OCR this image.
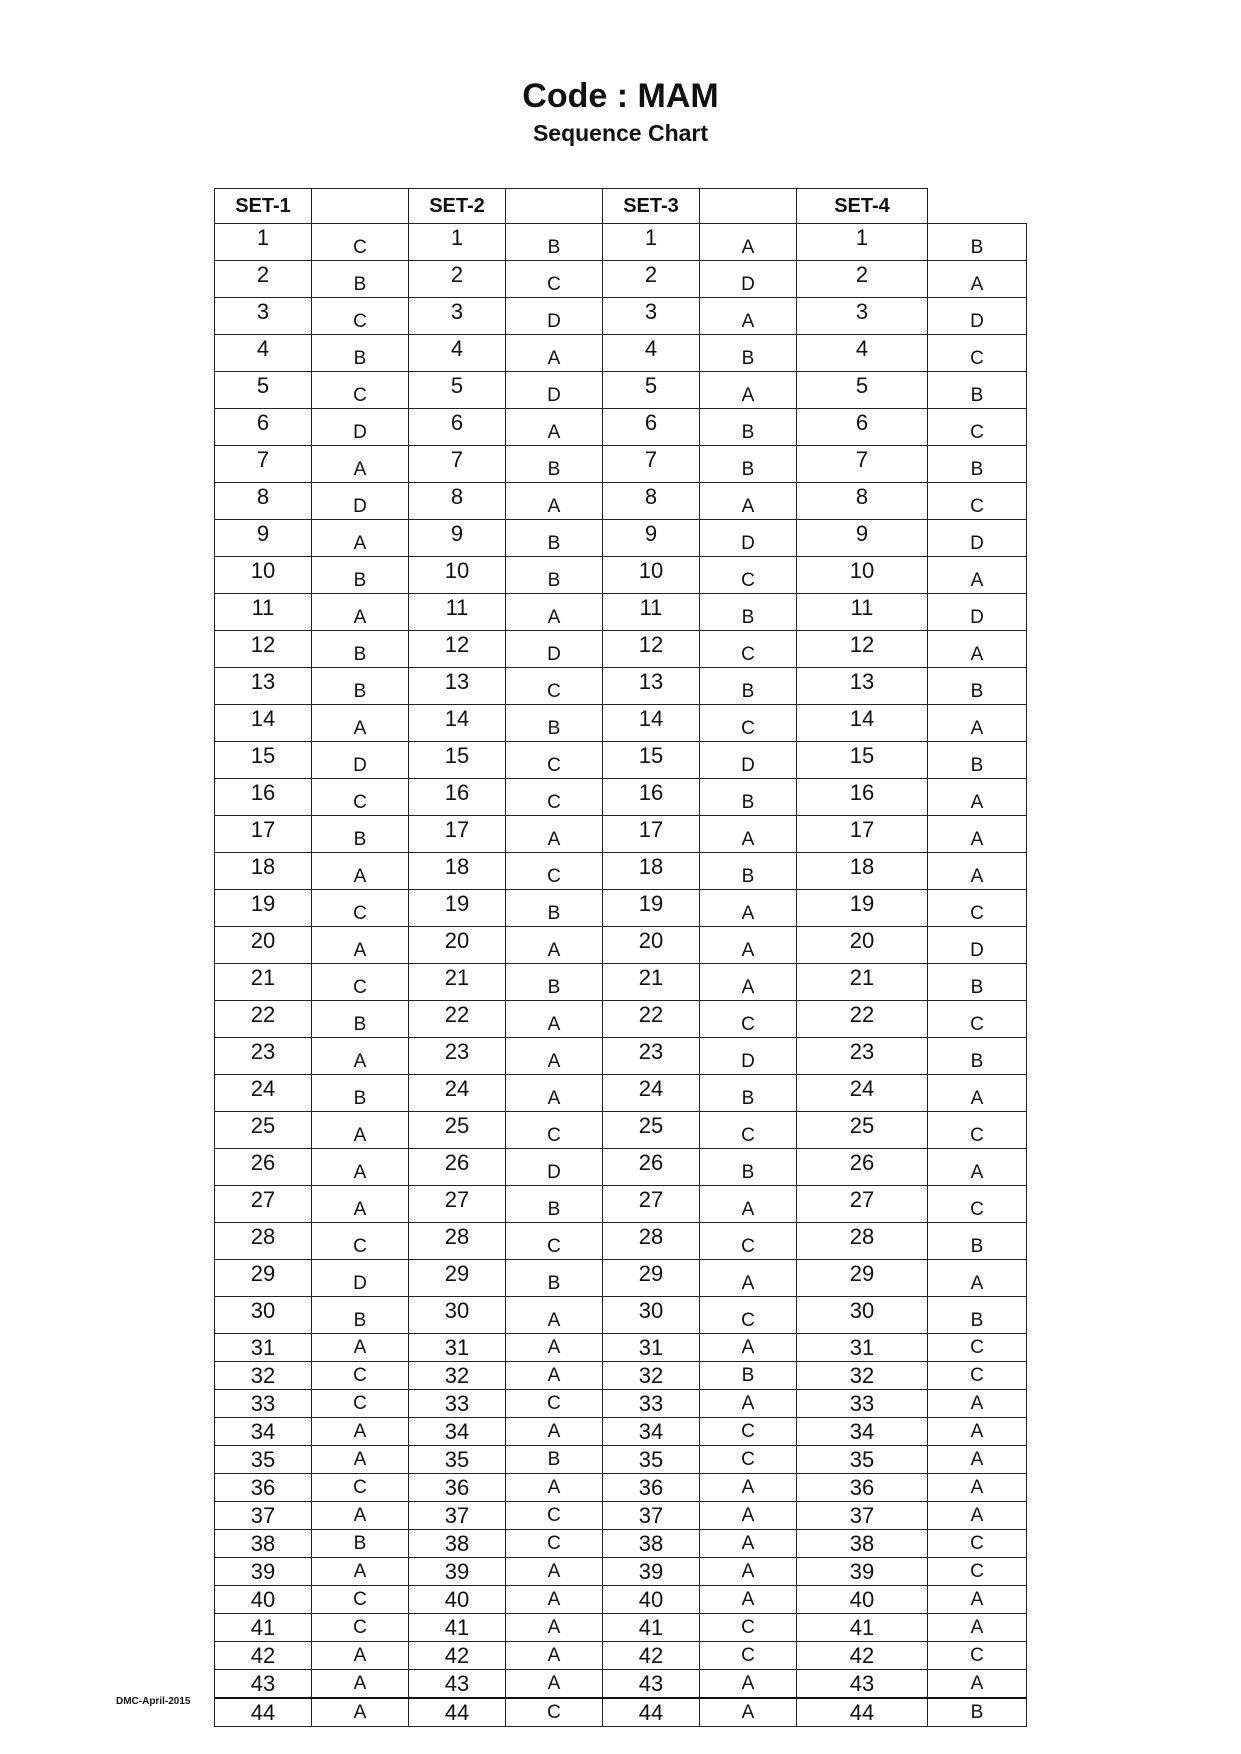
Code : MAM
Sequence Chart
SET-1		SET-2		SET-3		SET-4	
1	C	1	B	1	A	1	B
2	B	2	C	2	D	2	A
3	C	3	D	3	A	3	D
4	B	4	A	4	B	4	C
5	C	5	D	5	A	5	B
6	D	6	A	6	B	6	C
7	A	7	B	7	B	7	B
8	D	8	A	8	A	8	C
9	A	9	B	9	D	9	D
10	B	10	B	10	C	10	A
11	A	11	A	11	B	11	D
12	B	12	D	12	C	12	A
13	B	13	C	13	B	13	B
14	A	14	B	14	C	14	A
15	D	15	C	15	D	15	B
16	C	16	C	16	B	16	A
17	B	17	A	17	A	17	A
18	A	18	C	18	B	18	A
19	C	19	B	19	A	19	C
20	A	20	A	20	A	20	D
21	C	21	B	21	A	21	B
22	B	22	A	22	C	22	C
23	A	23	A	23	D	23	B
24	B	24	A	24	B	24	A
25	A	25	C	25	C	25	C
26	A	26	D	26	B	26	A
27	A	27	B	27	A	27	C
28	C	28	C	28	C	28	B
29	D	29	B	29	A	29	A
30	B	30	A	30	C	30	B
31	A	31	A	31	A	31	C
32	C	32	A	32	B	32	C
33	C	33	C	33	A	33	A
34	A	34	A	34	C	34	A
35	A	35	B	35	C	35	A
36	C	36	A	36	A	36	A
37	A	37	C	37	A	37	A
38	B	38	C	38	A	38	C
39	A	39	A	39	A	39	C
40	C	40	A	40	A	40	A
41	C	41	A	41	C	41	A
42	A	42	A	42	C	42	C
43	A	43	A	43	A	43	A
44	A	44	C	44	A	44	B
DMC-April-2015
